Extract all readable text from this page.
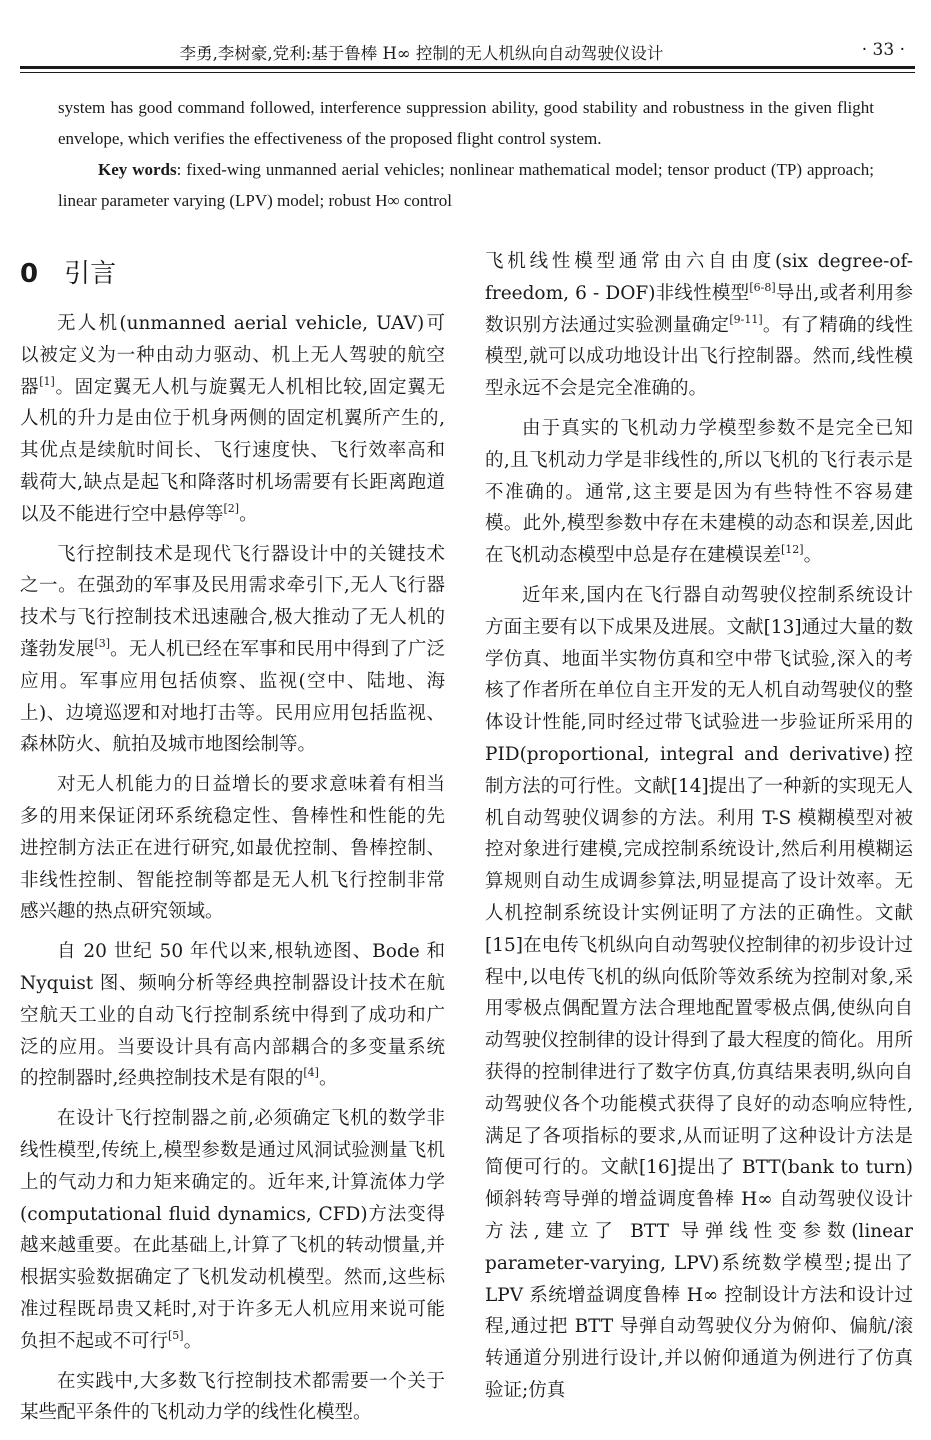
李勇,李树豪,党利:基于鲁棒 H∞ 控制的无人机纵向自动驾驶仪设计	· 33 ·

system has good command followed, interference suppression ability, good stability and robustness in the given flight envelope, which verifies the effectiveness of the proposed flight control system.

Key words: fixed-wing unmanned aerial vehicles; nonlinear mathematical model; tensor product (TP) approach; linear parameter varying (LPV) model; robust H∞ control
0 引言

无人机(unmanned aerial vehicle, UAV)可以被定义为一种由动力驱动、机上无人驾驶的航空器[1]。固定翼无人机与旋翼无人机相比较,固定翼无人机的升力是由位于机身两侧的固定机翼所产生的,其优点是续航时间长、飞行速度快、飞行效率高和载荷大,缺点是起飞和降落时机场需要有长距离跑道以及不能进行空中悬停等[2]。

飞行控制技术是现代飞行器设计中的关键技术之一。在强劲的军事及民用需求牵引下,无人飞行器技术与飞行控制技术迅速融合,极大推动了无人机的蓬勃发展[3]。无人机已经在军事和民用中得到了广泛应用。军事应用包括侦察、监视(空中、陆地、海上)、边境巡逻和对地打击等。民用应用包括监视、森林防火、航拍及城市地图绘制等。

对无人机能力的日益增长的要求意味着有相当多的用来保证闭环系统稳定性、鲁棒性和性能的先进控制方法正在进行研究,如最优控制、鲁棒控制、非线性控制、智能控制等都是无人机飞行控制非常感兴趣的热点研究领域。

自 20 世纪 50 年代以来,根轨迹图、Bode 和 Nyquist 图、频响分析等经典控制器设计技术在航空航天工业的自动飞行控制系统中得到了成功和广泛的应用。当要设计具有高内部耦合的多变量系统的控制器时,经典控制技术是有限的[4]。

在设计飞行控制器之前,必须确定飞机的数学非线性模型,传统上,模型参数是通过风洞试验测量飞机上的气动力和力矩来确定的。近年来,计算流体力学(computational fluid dynamics, CFD)方法变得越来越重要。在此基础上,计算了飞机的转动惯量,并根据实验数据确定了飞机发动机模型。然而,这些标准过程既昂贵又耗时,对于许多无人机应用来说可能负担不起或不可行[5]。

在实践中,大多数飞行控制技术都需要一个关于某些配平条件的飞机动力学的线性化模型。

飞机线性模型通常由六自由度(six degree-of-freedom, 6 - DOF)非线性模型[6-8]导出,或者利用参数识别方法通过实验测量确定[9-11]。有了精确的线性模型,就可以成功地设计出飞行控制器。然而,线性模型永远不会是完全准确的。

由于真实的飞机动力学模型参数不是完全已知的,且飞机动力学是非线性的,所以飞机的飞行表示是不准确的。通常,这主要是因为有些特性不容易建模。此外,模型参数中存在未建模的动态和误差,因此在飞机动态模型中总是存在建模误差[12]。

近年来,国内在飞行器自动驾驶仪控制系统设计方面主要有以下成果及进展。文献[13]通过大量的数学仿真、地面半实物仿真和空中带飞试验,深入的考核了作者所在单位自主开发的无人机自动驾驶仪的整体设计性能,同时经过带飞试验进一步验证所采用的 PID(proportional, integral and derivative)控制方法的可行性。文献[14]提出了一种新的实现无人机自动驾驶仪调参的方法。利用 T-S 模糊模型对被控对象进行建模,完成控制系统设计,然后利用模糊运算规则自动生成调参算法,明显提高了设计效率。无人机控制系统设计实例证明了方法的正确性。文献[15]在电传飞机纵向自动驾驶仪控制律的初步设计过程中,以电传飞机的纵向低阶等效系统为控制对象,采用零极点偶配置方法合理地配置零极点偶,使纵向自动驾驶仪控制律的设计得到了最大程度的简化。用所获得的控制律进行了数字仿真,仿真结果表明,纵向自动驾驶仪各个功能模式获得了良好的动态响应特性,满足了各项指标的要求,从而证明了这种设计方法是简便可行的。文献[16]提出了 BTT(bank to turn)倾斜转弯导弹的增益调度鲁棒 H∞ 自动驾驶仪设计方法,建立了 BTT 导弹线性变参数(linear parameter-varying, LPV)系统数学模型;提出了 LPV 系统增益调度鲁棒 H∞ 控制设计方法和设计过程,通过把 BTT 导弹自动驾驶仪分为俯仰、偏航/滚转通道分别进行设计,并以俯仰通道为例进行了仿真验证;仿真
